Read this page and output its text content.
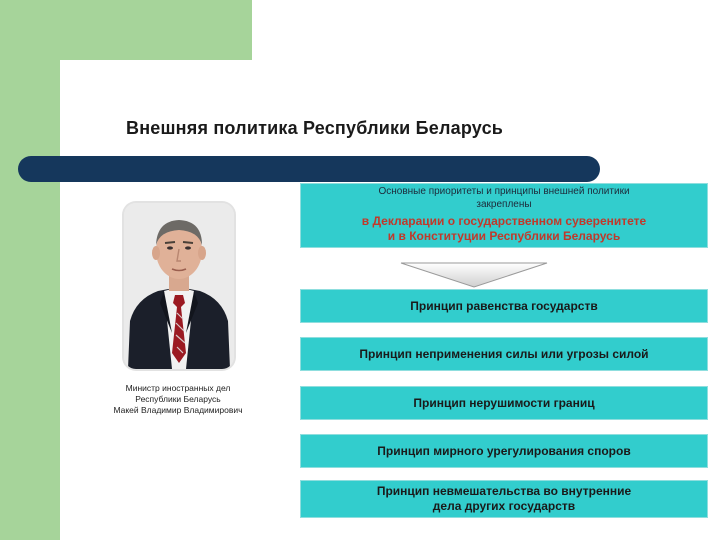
Внешняя политика Республики Беларусь
Министр иностранных дел
Республики Беларусь
Макей Владимир Владимирович
Основные приоритеты и принципы внешней политики
закреплены
в Декларации о государственном суверенитете
и в Конституции Республики Беларусь
Принцип равенства государств
Принцип неприменения силы или угрозы силой
Принцип нерушимости границ
Принцип мирного урегулирования споров
Принцип невмешательства во внутренние
дела других государств
